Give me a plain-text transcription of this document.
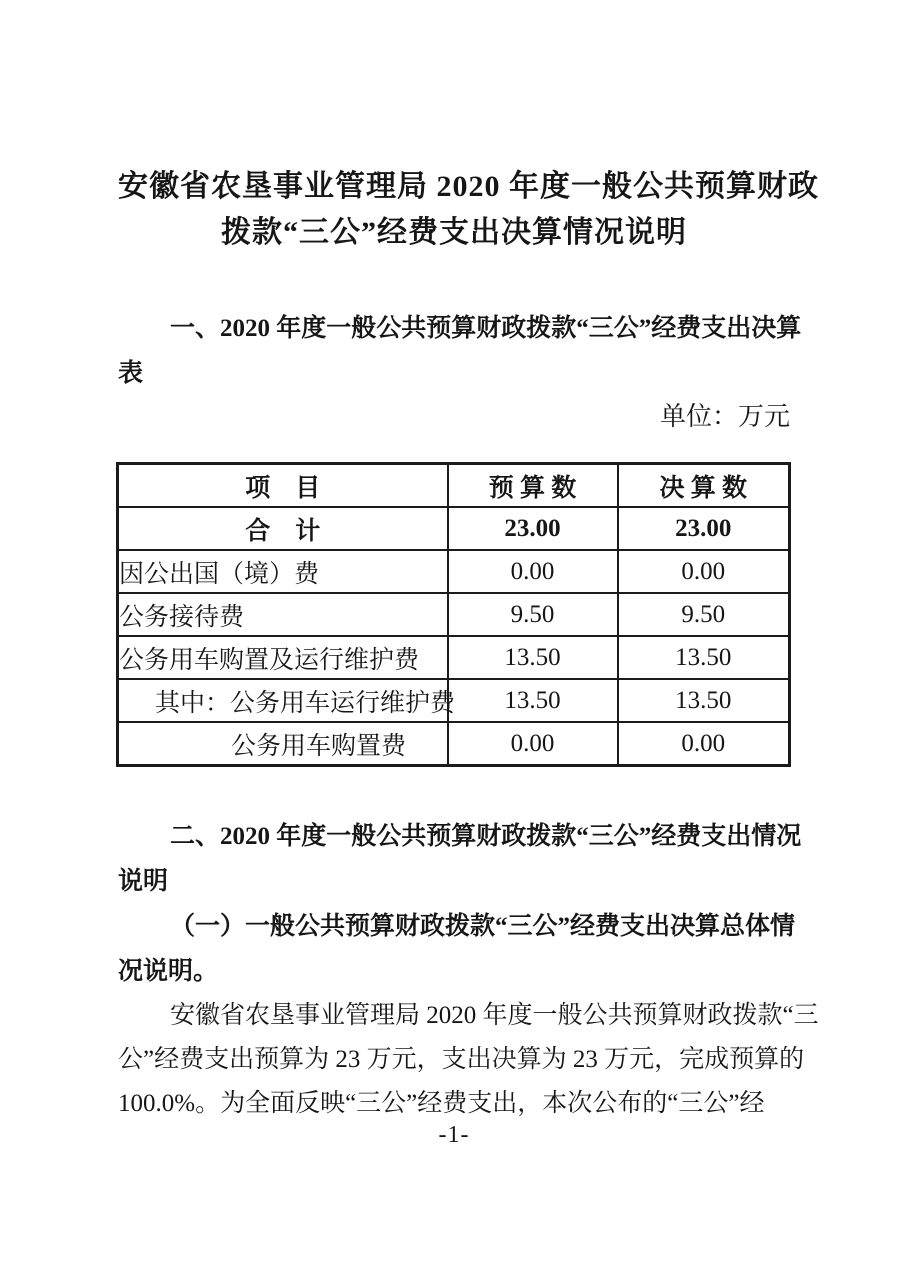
安徽省农垦事业管理局 2020 年度一般公共预算财政
拨款“三公”经费支出决算情况说明
一、2020 年度一般公共预算财政拨款“三公”经费支出决算
表
单位：万元
项　目	预 算 数	决 算 数
合　计	23.00	23.00
因公出国（境）费	0.00	0.00
公务接待费	9.50	9.50
公务用车购置及运行维护费	13.50	13.50
其中：公务用车运行维护费	13.50	13.50
公务用车购置费	0.00	0.00
二、2020 年度一般公共预算财政拨款“三公”经费支出情况
说明
（一）一般公共预算财政拨款“三公”经费支出决算总体情
况说明。
安徽省农垦事业管理局 2020 年度一般公共预算财政拨款“三
公”经费支出预算为 23 万元，支出决算为 23 万元，完成预算的
100.0%。为全面反映“三公”经费支出，本次公布的“三公”经
-1-
